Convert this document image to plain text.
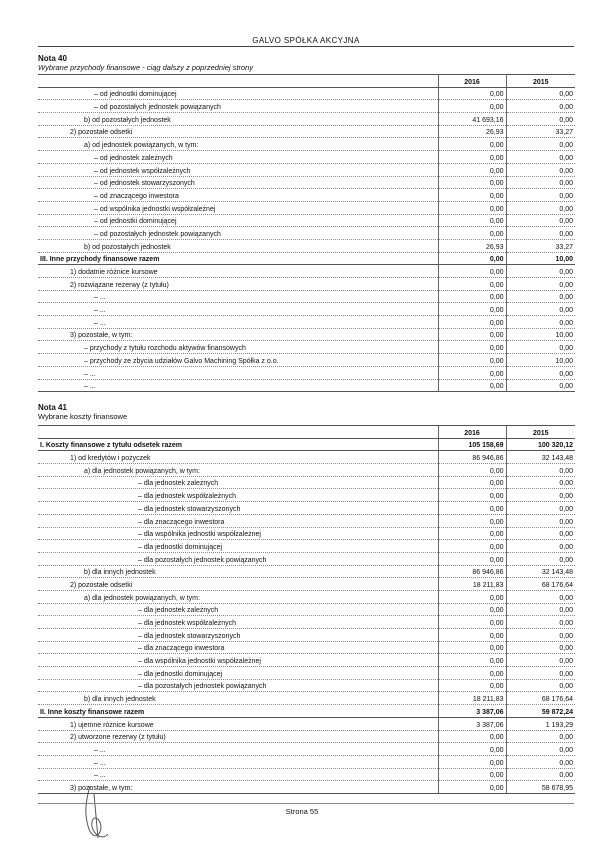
GALVO SPÓŁKA AKCYJNA
Nota 40
Wybrane przychody finansowe - ciąg dalszy z poprzedniej strony
	2016	2015
– od jednostki dominującej	0,00	0,00
– od pozostałych jednostek powiązanych	0,00	0,00
b) od pozostałych jednostek	41 693,16	0,00
2) pozostałe odsetki	26,93	33,27
a) od jednostek powiązanych, w tym:	0,00	0,00
– od jednostek zależnych	0,00	0,00
– od jednostek współzależnych	0,00	0,00
– od jednostek stowarzyszonych	0,00	0,00
– od znaczącego inwestora	0,00	0,00
– od wspólnika jednostki współzależnej	0,00	0,00
– od jednostki dominującej	0,00	0,00
– od pozostałych jednostek powiązanych	0,00	0,00
b) od pozostałych jednostek	26,93	33,27
III. Inne przychody finansowe razem	0,00	10,00
1) dodatnie różnice kursowe	0,00	0,00
2) rozwiązane rezerwy (z tytułu)	0,00	0,00
– ...	0,00	0,00
– ...	0,00	0,00
– ...	0,00	0,00
3) pozostałe, w tym:	0,00	10,00
– przychody z tytułu rozchodu aktywów finansowych	0,00	0,00
– przychody ze zbycia udziałów Galvo Machining Spółka z o.o.	0,00	10,00
– ...	0,00	0,00
– ...	0,00	0,00
Nota 41
Wybrane koszty finansowe
	2016	2015
I. Koszty finansowe z tytułu odsetek razem	105 158,69	100 320,12
1) od kredytów i pożyczek	86 946,86	32 143,48
a) dla jednostek powiązanych, w tym:	0,00	0,00
– dla jednostek zależnych	0,00	0,00
– dla jednostek współzależnych	0,00	0,00
– dla jednostek stowarzyszonych	0,00	0,00
– dla znaczącego inwestora	0,00	0,00
– dla wspólnika jednostki współzależnej	0,00	0,00
– dla jednostki dominującej	0,00	0,00
– dla pozostałych jednostek powiązanych	0,00	0,00
b) dla innych jednostek	86 946,86	32 143,48
2) pozostałe odsetki	18 211,83	68 176,64
a) dla jednostek powiązanych, w tym:	0,00	0,00
– dla jednostek zależnych	0,00	0,00
– dla jednostek współzależnych	0,00	0,00
– dla jednostek stowarzyszonych	0,00	0,00
– dla znaczącego inwestora	0,00	0,00
– dla wspólnika jednostki współzależnej	0,00	0,00
– dla jednostki dominującej	0,00	0,00
– dla pozostałych jednostek powiązanych	0,00	0,00
b) dla innych jednostek	18 211,83	68 176,64
II. Inne koszty finansowe razem	3 387,06	59 872,24
1) ujemne różnice kursowe	3 387,06	1 193,29
2) utworzone rezerwy (z tytułu)	0,00	0,00
– ...	0,00	0,00
– ...	0,00	0,00
– ...	0,00	0,00
3) pozostałe, w tym:	0,00	58 678,95
Strona 55
